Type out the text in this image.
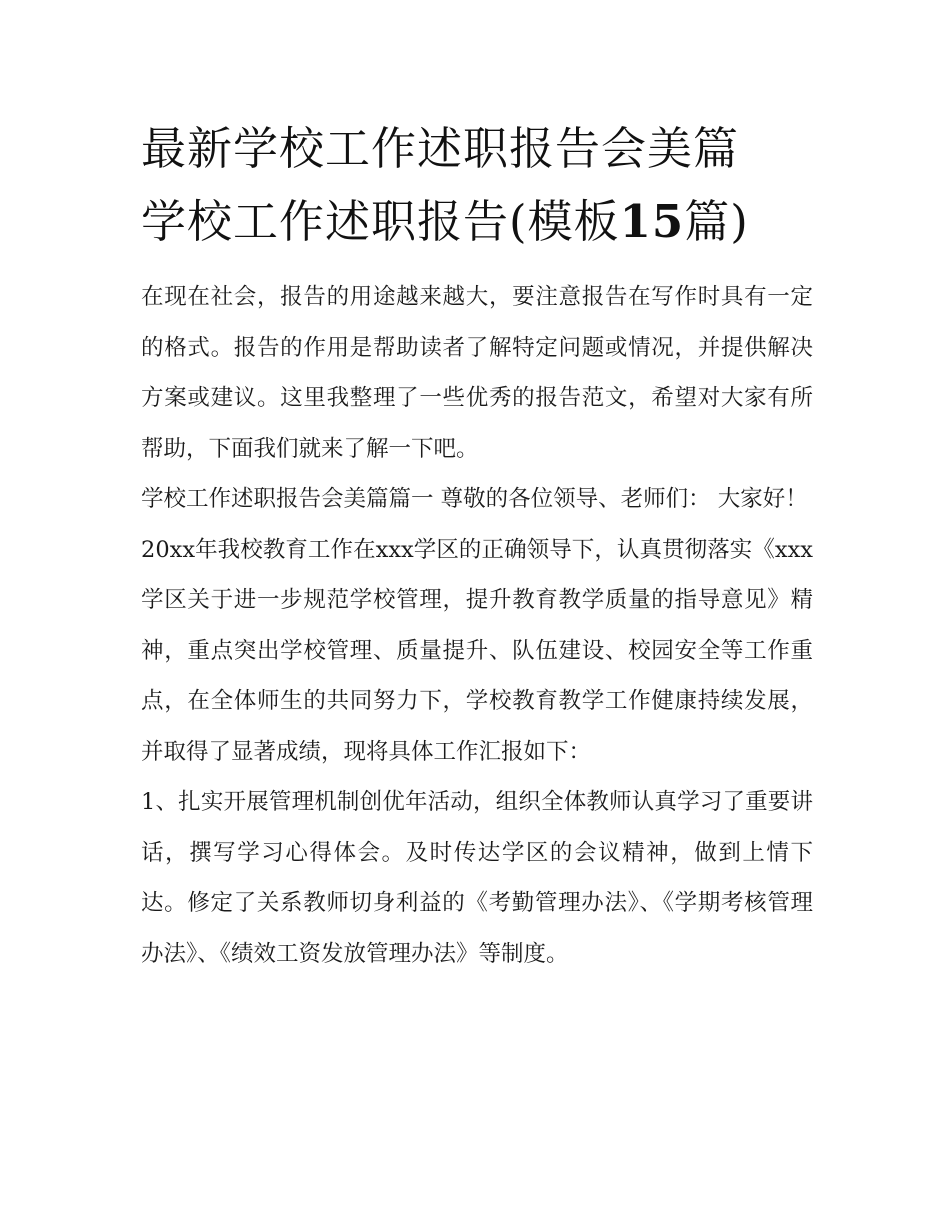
最新学校工作述职报告会美篇
学校工作述职报告(模板15篇)

在现在社会，报告的用途越来越大，要注意报告在写作时具有一定的格式。报告的作用是帮助读者了解特定问题或情况，并提供解决方案或建议。这里我整理了一些优秀的报告范文，希望对大家有所帮助，下面我们就来了解一下吧。

学校工作述职报告会美篇篇一 尊敬的各位领导、老师们： 大家好！

20xx年我校教育工作在xxx学区的正确领导下，认真贯彻落实《xxx学区关于进一步规范学校管理，提升教育教学质量的指导意见》精神，重点突出学校管理、质量提升、队伍建设、校园安全等工作重点，在全体师生的共同努力下，学校教育教学工作健康持续发展，并取得了显著成绩，现将具体工作汇报如下：

1、扎实开展管理机制创优年活动，组织全体教师认真学习了重要讲话，撰写学习心得体会。及时传达学区的会议精神，做到上情下达。修定了关系教师切身利益的《考勤管理办法》、《学期考核管理办法》、《绩效工资发放管理办法》等制度。
